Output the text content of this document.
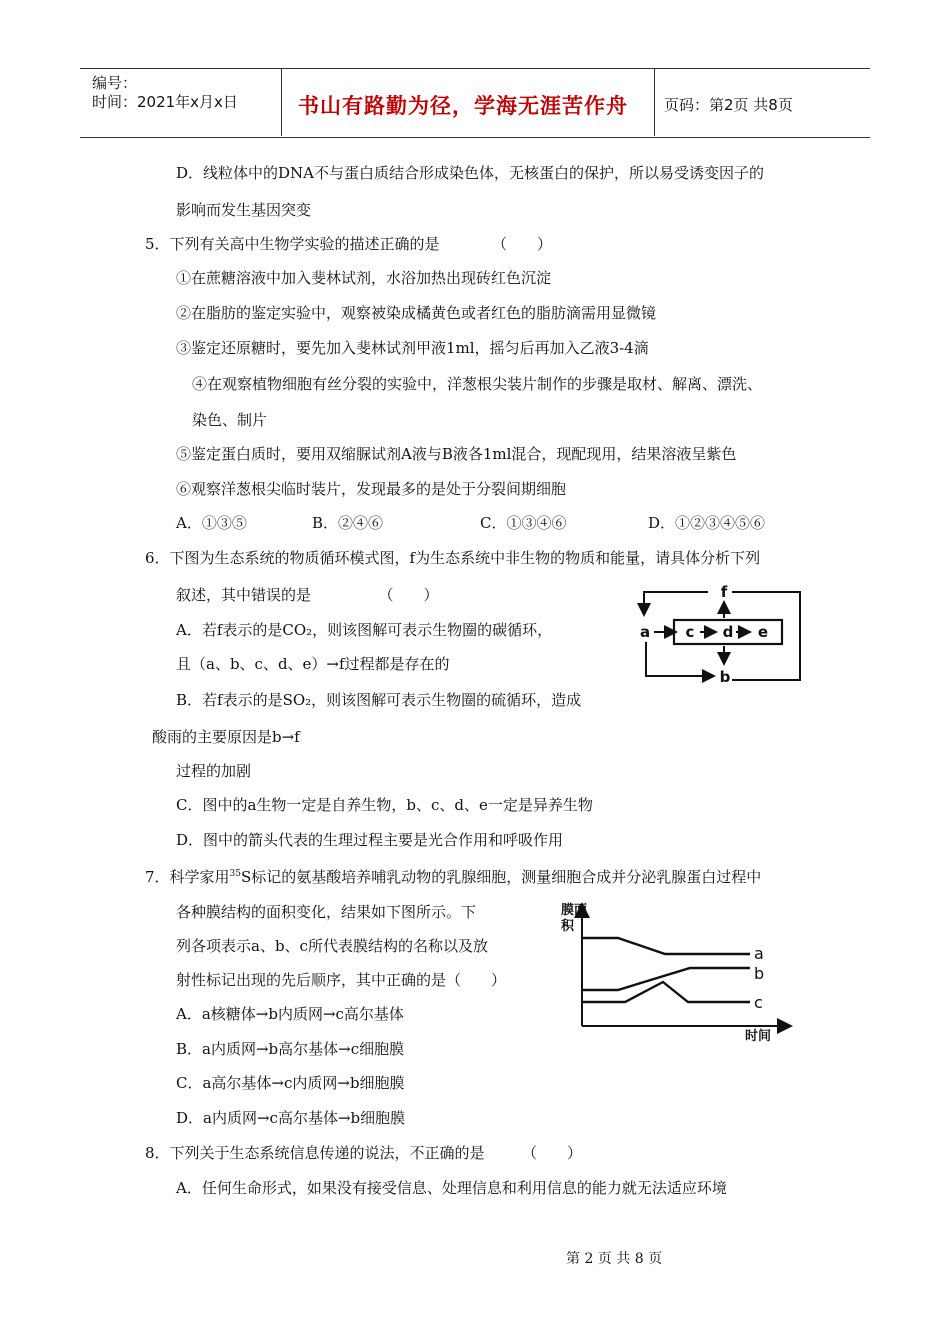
编号：
时间：2021年x月x日	书山有路勤为径，学海无涯苦作舟 页码：第2页 共8页
D．线粒体中的DNA不与蛋白质结合形成染色体，无核蛋白的保护，所以易受诱变因子的
影响而发生基因突变
5．下列有关高中生物学实验的描述正确的是　　　　（　　）
①在蔗糖溶液中加入斐林试剂，水浴加热出现砖红色沉淀
②在脂肪的鉴定实验中，观察被染成橘黄色或者红色的脂肪滴需用显微镜
③鉴定还原糖时，要先加入斐林试剂甲液1ml，摇匀后再加入乙液3-4滴
④在观察植物细胞有丝分裂的实验中，洋葱根尖装片制作的步骤是取材、解离、漂洗、
染色、制片
⑤鉴定蛋白质时，要用双缩脲试剂A液与B液各1ml混合，现配现用，结果溶液呈紫色
⑥观察洋葱根尖临时装片，发现最多的是处于分裂间期细胞
A．①③⑤	B．②④⑥	C．①③④⑥	D．①②③④⑤⑥
6．下图为生态系统的物质循环模式图，f为生态系统中非生物的物质和能量，请具体分析下列
叙述，其中错误的是　　　　　（　　）
A．若f表示的是CO₂，则该图解可表示生物圈的碳循环，
且（a、b、c、d、e）→f过程都是存在的
B．若f表示的是SO₂，则该图解可表示生物圈的硫循环，造成
酸雨的主要原因是b→f
过程的加剧
C．图中的a生物一定是自养生物，b、c、d、e一定是异养生物
D．图中的箭头代表的生理过程主要是光合作用和呼吸作用
7．科学家用$^{35}$S标记的氨基酸培养哺乳动物的乳腺细胞，测量细胞合成并分泌乳腺蛋白过程中
各种膜结构的面积变化，结果如下图所示。下
列各项表示a、b、c所代表膜结构的名称以及放
射性标记出现的先后顺序，其中正确的是（　　）
A．a核糖体→b内质网→c高尔基体
B．a内质网→b高尔基体→c细胞膜
C．a高尔基体→c内质网→b细胞膜
D．a内质网→c高尔基体→b细胞膜
8．下列关于生态系统信息传递的说法，不正确的是　　　（　　）
A．任何生命形式，如果没有接受信息、处理信息和利用信息的能力就无法适应环境
f
a c d e
b
膜面
积
时间
a
b
c
第 2 页 共 8 页
